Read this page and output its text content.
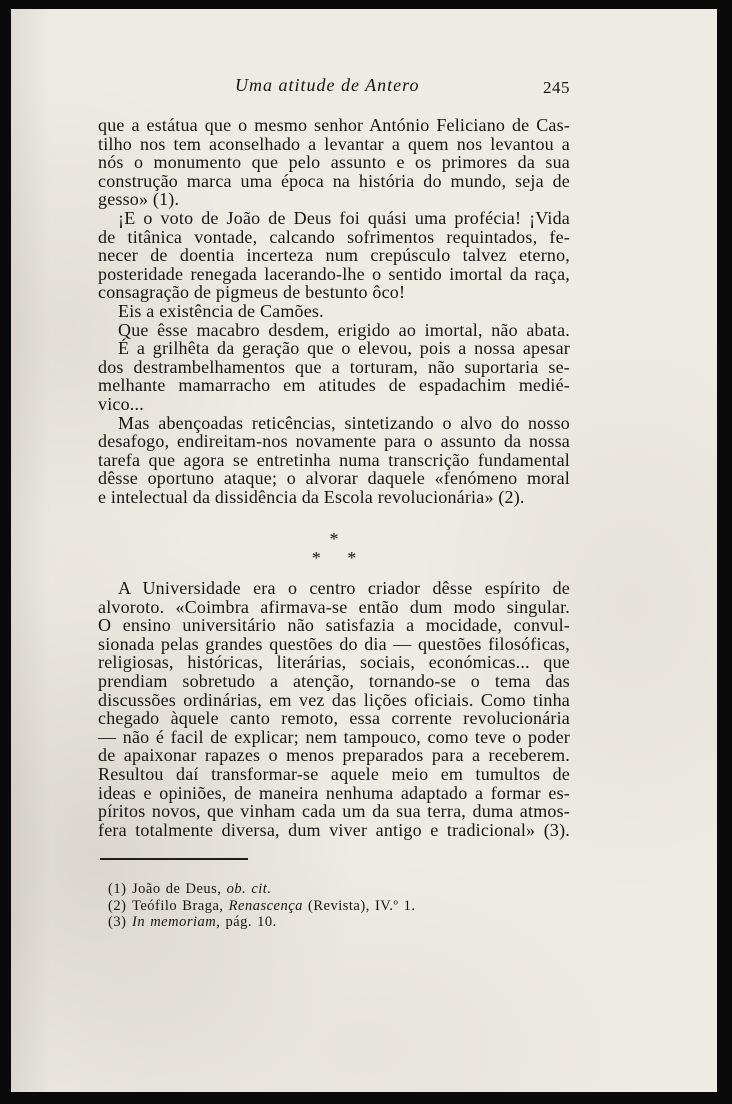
Uma atitude de Antero	245
que a estátua que o mesmo senhor António Feliciano de Cas-
tilho nos tem aconselhado a levantar a quem nos levantou a
nós o monumento que pelo assunto e os primores da sua
construção marca uma época na história do mundo, seja de
gesso» (1).
¡E o voto de João de Deus foi quási uma profécia! ¡Vida
de titânica vontade, calcando sofrimentos requintados, fe-
necer de doentia incerteza num crepúsculo talvez eterno,
posteridade renegada lacerando-lhe o sentido imortal da raça,
consagração de pigmeus de bestunto ôco!
Eis a existência de Camões.
Que êsse macabro desdem, erigido ao imortal, não abata.
É a grilhêta da geração que o elevou, pois a nossa apesar
dos destrambelhamentos que a torturam, não suportaria se-
melhante mamarracho em atitudes de espadachim medié-
vico...
Mas abençoadas reticências, sintetizando o alvo do nosso
desafogo, endireitam-nos novamente para o assunto da nossa
tarefa que agora se entretinha numa transcrição fundamental
dêsse oportuno ataque; o alvorar daquele «fenómeno moral
e intelectual da dissidência da Escola revolucionária» (2).
*
* *
A Universidade era o centro criador dêsse espírito de
alvoroto. «Coimbra afirmava-se então dum modo singular.
O ensino universitário não satisfazia a mocidade, convul-
sionada pelas grandes questões do dia — questões filosóficas,
religiosas, históricas, literárias, sociais, económicas... que
prendiam sobretudo a atenção, tornando-se o tema das
discussões ordinárias, em vez das lições oficiais. Como tinha
chegado àquele canto remoto, essa corrente revolucionária
— não é facil de explicar; nem tampouco, como teve o poder
de apaixonar rapazes o menos preparados para a receberem.
Resultou daí transformar-se aquele meio em tumultos de
ideas e opiniões, de maneira nenhuma adaptado a formar es-
píritos novos, que vinham cada um da sua terra, duma atmos-
fera totalmente diversa, dum viver antigo e tradicional» (3).
(1) João de Deus, ob. cit.
(2) Teófilo Braga, Renascença (Revista), IV.º 1.
(3) In memoriam, pág. 10.
